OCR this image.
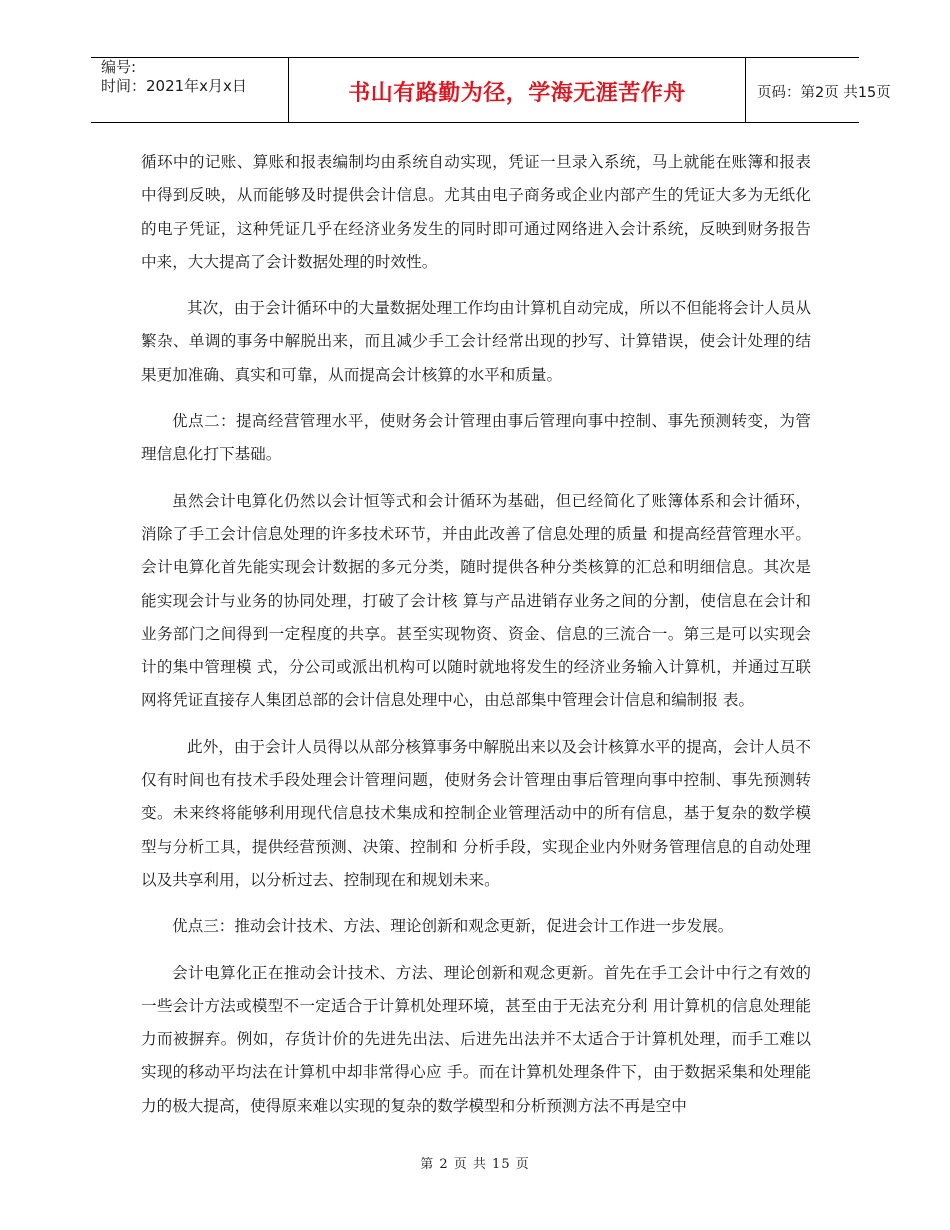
编号:
时间：2021年x月x日	书山有路勤为径，学海无涯苦作舟	页码：第2页 共15页

循环中的记账、算账和报表编制均由系统自动实现，凭证一旦录入系统，马上就能在账簿和报表中得到反映，从而能够及时提供会计信息。尤其由电子商务或企业内部产生的凭证大多为无纸化的电子凭证，这种凭证几乎在经济业务发生的同时即可通过网络进入会计系统，反映到财务报告中来，大大提高了会计数据处理的时效性。

其次，由于会计循环中的大量数据处理工作均由计算机自动完成，所以不但能将会计人员从繁杂、单调的事务中解脱出来，而且减少手工会计经常出现的抄写、计算错误，使会计处理的结果更加准确、真实和可靠，从而提高会计核算的水平和质量。

优点二：提高经营管理水平，使财务会计管理由事后管理向事中控制、事先预测转变，为管理信息化打下基础。

虽然会计电算化仍然以会计恒等式和会计循环为基础，但已经简化了账簿体系和会计循环，消除了手工会计信息处理的许多技术环节，并由此改善了信息处理的质量 和提高经营管理水平。会计电算化首先能实现会计数据的多元分类，随时提供各种分类核算的汇总和明细信息。其次是能实现会计与业务的协同处理，打破了会计核 算与产品进销存业务之间的分割，使信息在会计和业务部门之间得到一定程度的共享。甚至实现物资、资金、信息的三流合一。第三是可以实现会计的集中管理模 式，分公司或派出机构可以随时就地将发生的经济业务输入计算机，并通过互联网将凭证直接存人集团总部的会计信息处理中心，由总部集中管理会计信息和编制报 表。

此外，由于会计人员得以从部分核算事务中解脱出来以及会计核算水平的提高，会计人员不仅有时间也有技术手段处理会计管理问题，使财务会计管理由事后管理向事中控制、事先预测转变。未来终将能够利用现代信息技术集成和控制企业管理活动中的所有信息，基于复杂的数学模型与分析工具，提供经营预测、决策、控制和 分析手段，实现企业内外财务管理信息的自动处理以及共享利用，以分析过去、控制现在和规划未来。

优点三：推动会计技术、方法、理论创新和观念更新，促进会计工作进一步发展。

会计电算化正在推动会计技术、方法、理论创新和观念更新。首先在手工会计中行之有效的一些会计方法或模型不一定适合于计算机处理环境，甚至由于无法充分利 用计算机的信息处理能力而被摒弃。例如，存货计价的先进先出法、后进先出法并不太适合于计算机处理，而手工难以实现的移动平均法在计算机中却非常得心应 手。而在计算机处理条件下，由于数据采集和处理能力的极大提高，使得原来难以实现的复杂的数学模型和分析预测方法不再是空中

第 2 页 共 15 页
